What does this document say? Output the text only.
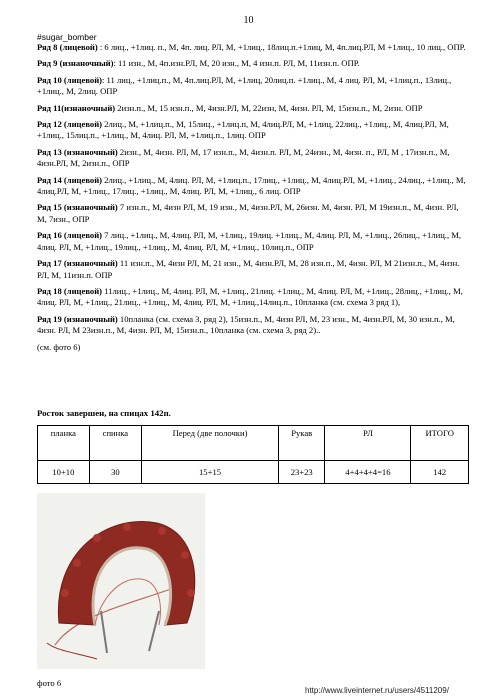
10
#sugar_bomber

Ряд 8 (лицевой) : 6 лиц., +1лиц. п., М, 4п. лиц. РЛ, М, +1лиц., 18лиц.п.+1лиц, М, 4п.лиц.РЛ, М +1лиц., 10 лиц., ОПР.

Ряд 9 (изнаночный): 11 изн., М, 4п.изн.РЛ, М, 20 изн., М, 4 изн.п. РЛ, М, 11изн.п. ОПР.

Ряд 10 (лицевой): 11 лиц., +1лиц.п., М, 4п.лиц.РЛ, М, +1лиц, 20лиц.п. +1лиц., М, 4 лиц. РЛ, М, +1лиц.п., 13лиц., +1лиц., М, 2лиц. ОПР

Ряд 11(изнаночный) 2изн.п., М, 15 изн.п., М, 4изн.РЛ, М, 22изн, М, 4изн. РЛ, М, 15изн.п., М, 2изн. ОПР

Ряд 12 (лицевой) 2лиц., М, +1лиц.п., М, 15лиц., +1лиц.п, М, 4лиц.РЛ, М, +1лиц, 22лиц., +1лиц., М, 4лиц.РЛ, М, +1лиц., 15лиц.п., +1лиц., М, 4лиц. РЛ, М, +1лиц.п., 1лиц. ОПР

Ряд 13 (изнаночный) 2изн., М, 4изн. РЛ, М, 17 изн.п., М, 4изн.п. РЛ, М, 24изн., М, 4изн. п., РЛ, М , 17изн.п., М, 4изн.РЛ, М, 2изн.п., ОПР

Ряд 14 (лицевой) 2лиц., +1лиц., М, 4лиц. РЛ, М, +1лиц.п., 17лиц., +1лиц., М, 4лиц.РЛ, М, +1лиц., 24лиц., +1лиц., М, 4лиц.РЛ, М, +1лиц., 17лиц., +1лиц., М, 4лиц. РЛ, М, +1лиц., 6 лиц. ОПР

Ряд 15 (изнаночный) 7 изн.п., М, 4изн РЛ, М, 19 изн., М, 4изн.РЛ, М, 26изн. М, 4изн. РЛ, М 19изн.п., М, 4изн. РЛ, М, 7изн., ОПР

Ряд 16 (лицевой) 7 лиц., +1лиц., М, 4лиц. РЛ, М, +1лиц., 19лиц. +1лиц., М, 4лиц. РЛ, М, +1лиц., 26лиц., +1лиц., М, 4лиц. РЛ, М, +1лиц., 19лиц., +1лиц., М, 4лиц. РЛ, М, +1лиц., 10лиц.п., ОПР

Ряд 17 (изнаночный) 11 изн.п., М, 4изн РЛ, М, 21 изн., М, 4изн.РЛ, М, 28 изн.п., М, 4изн. РЛ, М 21изн.п., М, 4изн. РЛ, М, 11изн.п. ОПР

Ряд 18 (лицевой) 11лиц., +1лиц., М, 4лиц. РЛ, М, +1лиц., 21лиц. +1лиц., М, 4лиц. РЛ, М, +1лиц., 28лиц., +1лиц., М, 4лиц. РЛ, М, +1лиц., 21лиц., +1лиц., М, 4лиц. РЛ, М, +1лиц.,14лиц.п., 10планка (см. схема 3 ряд 1),

Ряд 19 (изнаночный) 10планка (см. схема 3, ряд 2), 15изн.п., М, 4изн РЛ, М, 23 изн., М, 4изн.РЛ, М, 30 изн.п., М, 4изн. РЛ, М 23изн.п., М, 4изн. РЛ, М, 15изн.п., 10планка (см. схема 3, ряд 2)..

(см. фото 6)

Росток завершен, на спицах 142п.
планка	спинка	Перед (две полочки)	Рукав	РЛ	ИТОГО
10+10	30	15+15	23+23	4+4+4+4=16	142
фото 6
http://www.liveinternet.ru/users/4511209/
